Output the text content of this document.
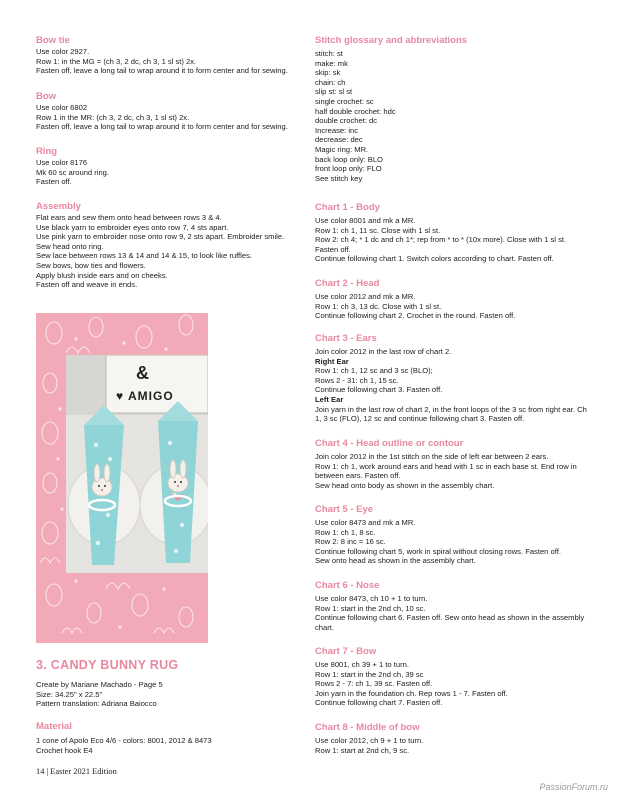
Bow tie

Use color 2927.
Row 1: in the MG = (ch 3, 2 dc, ch 3, 1 sl st) 2x.
Fasten off, leave a long tail to wrap around it to form center and for sewing.

Bow

Use color 6802
Row 1 in the MR: (ch 3, 2 dc, ch 3, 1 sl st) 2x.
Fasten off, leave a long tail to wrap around it to form center and for sewing.

Ring

Use color 8176
Mk 60 sc around ring.
Fasten off.

Assembly

Flat ears and sew them onto head between rows 3 & 4.
Use black yarn to embroider eyes onto row 7, 4 sts apart.
Use pink yarn to embroider nose onto row 9, 2 sts apart. Embroider smile.
Sew head onto ring.
Sew lace between rows 13 & 14 and 14 & 15, to look like ruffles.
Sew bows, bow ties and flowers.
Apply blush inside ears and on cheeks.
Fasten off and weave in ends.

&
♥ AMIGO

3. CANDY BUNNY RUG

Create by Mariane Machado - Page 5
Size: 34.25" x 22.5"
Pattern translation: Adriana Baiocco

Material

1 cone of Apolo Eco 4/6 - colors: 8001, 2012 & 8473
Crochet hook E4

Stitch glossary and abbreviations

stitch: st
make: mk
skip: sk
chain: ch
slip st: sl st
single crochet: sc
half double crochet: hdc
double crochet: dc
Increase: inc
decrease: dec
Magic ring: MR.
back loop only: BLO
front loop only: FLO
See stitch key

Chart 1 - Body

Use color 8001 and mk a MR.
Row 1: ch 1, 11 sc. Close with 1 sl st.
Row 2: ch 4; * 1 dc and ch 1*; rep from * to * (10x more). Close with 1 sl st. Fasten off.
Continue following chart 1. Switch colors according to chart. Fasten off.

Chart 2 - Head

Use color 2012 and mk a MR.
Row 1: ch 3, 13 dc. Close with 1 sl st.
Continue following chart 2. Crochet in the round. Fasten off.

Chart 3 - Ears

Join color 2012 in the last row of chart 2.

Right Ear

Row 1: ch 1, 12 sc and 3 sc (BLO);
Rows 2 - 31: ch 1, 15 sc.
Continue following chart 3. Fasten off.

Left Ear

Join yarn in the last row of chart 2, in the front loops of the 3 sc from right ear. Ch 1, 3 sc (FLO), 12 sc and continue following chart 3. Fasten off.

Chart 4 - Head outline or contour

Join color 2012 in the 1st stitch on the side of left ear between 2 ears.
Row 1: ch 1, work around ears and head with 1 sc in each base st. End row in between ears. Fasten off.
Sew head onto body as shown in the assembly chart.

Chart 5 - Eye

Use color 8473 and mk a MR.
Row 1: ch 1, 8 sc.
Row 2: 8 inc = 16 sc.
Continue following chart 5, work in spiral without closing rows. Fasten off.
Sew onto head as shown in the assembly chart.

Chart 6 - Nose

Use color 8473, ch 10 + 1 to turn.
Row 1: start in the 2nd ch, 10 sc.
Continue following chart 6. Fasten off. Sew onto head as shown in the assembly chart.

Chart 7 - Bow

Use 8001, ch 39 + 1 to turn.
Row 1: start in the 2nd ch, 39 sc
Rows 2 - 7: ch 1, 39 sc. Fasten off.
Join yarn in the foundation ch. Rep rows 1 - 7. Fasten off.
Continue following chart 7. Fasten off.

Chart 8 - Middle of bow

Use color 2012, ch 9 + 1 to turn.
Row 1: start at 2nd ch, 9 sc.

14 | Easter 2021 Edition
PassionForum.ru
